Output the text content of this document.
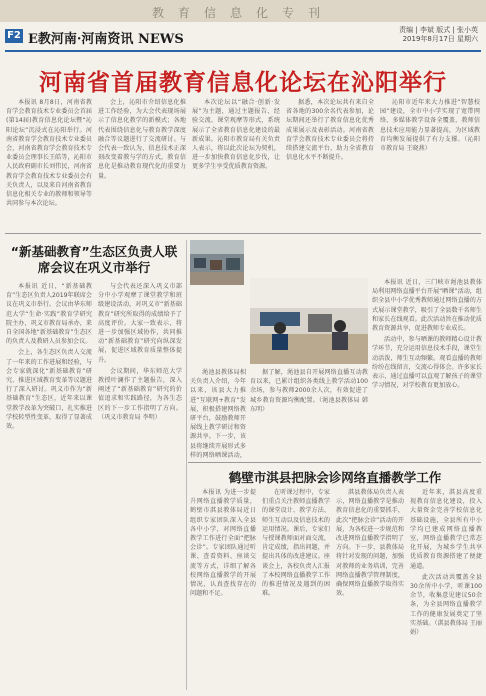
教育信息化专刊
F2 E教河南·河南资讯 NEWS
责编 | 李斌 版式 | 张小英
2019年8月17日 星期六
河南省首届教育信息化论坛在沁阳举行

本报讯 8月8日，河南省教育学会教育技术专业委员会首届(第14届)教育信息化论坛暨“沁阳论坛”沉浸式在沁阳举行。河南省教育学会教育技术专业委员会，河南省教育学会教育技术专业委员会理事长王皓等，沁阳市人民政府副市长刘伟民，河南省教育学会教育技术专业委员会有关负责人，以及来自河南省教育信息化相关专业的教师和领导等共同参与本次论坛。

会上，沁阳市介绍信息化推进工作经验，为大会代表现场展示了信息化教学的新模式；各地代表围绕信息化与教育教学深度融合等议题进行了交流研讨。与会代表一致认为，信息技术正深刻改变着教与学的方式，教育信息化是推动教育现代化的重要力量。

本次论坛以“融合·创新·发展”为主题，通过主题报告、经验交流、课堂观摩等形式，系统展示了全省教育信息化建设的最新成果。沁阳市教育局有关负责人表示，将以此次论坛为契机，进一步加快教育信息化步伐，让更多学生享受优质教育资源。

据悉，本次论坛共有来自全省各地的300余名代表参加，论坛期间还举行了教育信息化优秀成果展示及表彰活动。河南省教育学会教育技术专业委员会将持续搭建交流平台，助力全省教育信息化水平不断提升。

沁阳市近年来大力推进“智慧校园”建设，全市中小学实现了宽带网络、多媒体教学设备全覆盖，教师信息技术应用能力显著提高，为区域教育均衡发展提供了有力支撑。（沁阳市教育局 王晓燕）

“新基础教育”生态区负责人联席会议在巩义市举行

本报讯 近日，“新基础教育”生态区负责人2019年联席会议在巩义市举行。会议由华东师范大学“生命·实践”教育学研究院主办，巩义市教育局承办，来自全国各地“新基础教育”生态区的负责人及教研人员参加会议。

会上，各生态区负责人交流了一年来的工作进展和经验，与会专家就深化“新基础教育”研究、推进区域教育变革等议题进行了深入研讨。巩义市作为“新基础教育”生态区，近年来以课堂教学改革为突破口，扎实推进学校转型性变革，取得了显著成效。

与会代表还深入巩义市部分中小学观摩了课堂教学和班级建设活动，对巩义市“新基础教育”研究所取得的成绩给予了高度评价。大家一致表示，将进一步加强区域协作，共同推动“新基础教育”研究向纵深发展，促进区域教育质量整体提升。

会议期间，华东师范大学教授叶澜作了主题报告，深入阐述了“新基础教育”研究的价值追求和实践路径，为各生态区的下一步工作指明了方向。（巩义市教育局 李明）

本报讯 近日，三门峡市渑池县教体局利用网络直播平台开展“晒课”活动，组织全县中小学优秀教师通过网络直播的方式展示课堂教学，吸引了全县数千名师生和家长在线观看。此次活动旨在推动优质教育资源共享，促进教师专业成长。

活动中，参与晒课的教师精心设计教学环节，充分运用信息技术手段，课堂生动活泼，师生互动频繁。观看直播的教师纷纷在线留言，交流心得体会。许多家长表示，通过直播可以直观了解孩子的课堂学习情况，对学校教育更加放心。

渑池县教体局相关负责人介绍，今年以来，该县大力推进“互联网+教育”发展，积极搭建网络教研平台，鼓励教师开展线上教学研讨和资源共享。下一步，该县将继续开展形式多样的网络晒课活动，

据了解，渑池县自开展网络直播互动教育以来，已累计组织各类线上教学活动100余场，参与教师2000余人次，有效促进了城乡教育资源均衡配置。（渑池县教体局 韩东明）

鹤壁市淇县把脉会诊网络直播教学工作

本报讯 为进一步提升网络直播教学质量，鹤壁市淇县教体局近日组织专家团队深入全县各中小学，对网络直播教学工作进行全面“把脉会诊”。专家团队通过听课、查看资料、座谈交流等方式，详细了解各校网络直播教学的开展情况，认真查找存在的问题和不足。

在听课过程中，专家们重点关注教师直播教学的课堂设计、教学方法、师生互动以及信息技术的运用情况。课后，专家们与授课教师面对面交流，肯定成绩，指出问题，并提出具体的改进建议。座谈会上，各校负责人汇报了本校网络直播教学工作的推进情况及遇到的困难。

淇县教体局负责人表示，网络直播教学是推动教育信息化的重要抓手，此次“把脉会诊”活动的开展，为各校进一步规范和改进网络直播教学指明了方向。下一步，县教体局将针对发现的问题，加强对教师的业务培训，完善网络直播教学管理制度，确保网络直播教学取得实效。

近年来，淇县高度重视教育信息化建设，投入大量资金完善学校信息化基础设施，全县所有中小学均已建成网络直播教室，网络直播教学已常态化开展，为城乡学生共享优质教育资源搭建了便捷通道。

此次活动共覆盖全县30余所中小学，听课100余节，收集意见建议50余条，为全县网络直播教学工作的健康发展奠定了坚实基础。（淇县教体局 王丽娟）
